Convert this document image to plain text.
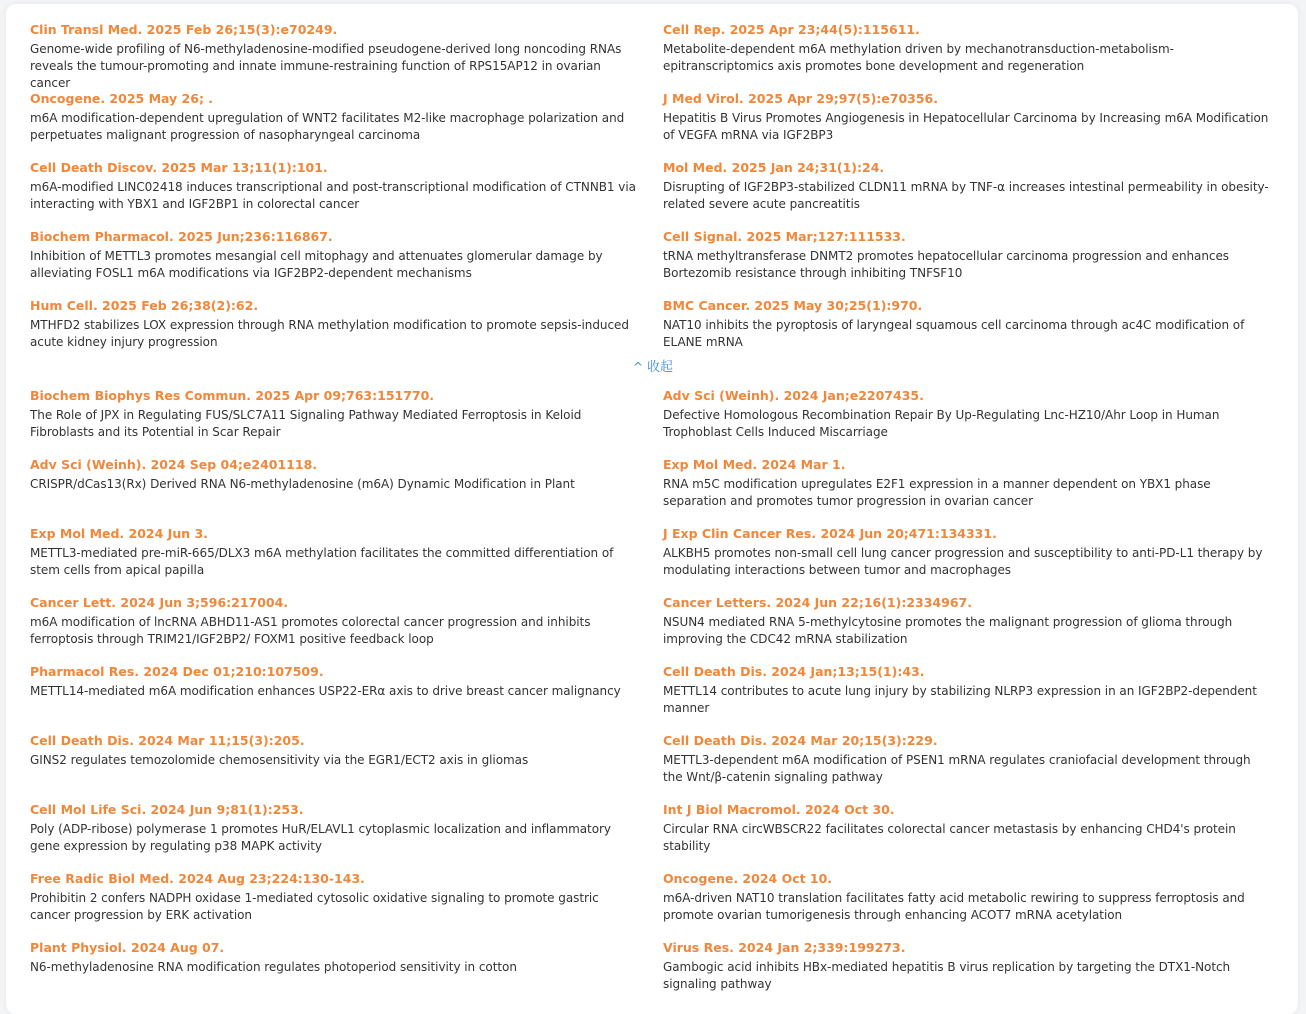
Clin Transl Med. 2025 Feb 26;15(3):e70249.
Genome-wide profiling of N6-methyladenosine-modified pseudogene-derived long noncoding RNAs reveals the tumour-promoting and innate immune-restraining function of RPS15AP12 in ovarian cancer
Cell Rep. 2025 Apr 23;44(5):115611.
Metabolite-dependent m6A methylation driven by mechanotransduction-metabolism-epitranscriptomics axis promotes bone development and regeneration
Oncogene. 2025 May 26; .
m6A modification-dependent upregulation of WNT2 facilitates M2-like macrophage polarization and perpetuates malignant progression of nasopharyngeal carcinoma
J Med Virol. 2025 Apr 29;97(5):e70356.
Hepatitis B Virus Promotes Angiogenesis in Hepatocellular Carcinoma by Increasing m6A Modification of VEGFA mRNA via IGF2BP3
Cell Death Discov. 2025 Mar 13;11(1):101.
m6A-modified LINC02418 induces transcriptional and post-transcriptional modification of CTNNB1 via interacting with YBX1 and IGF2BP1 in colorectal cancer
Mol Med. 2025 Jan 24;31(1):24.
Disrupting of IGF2BP3-stabilized CLDN11 mRNA by TNF-α increases intestinal permeability in obesity-related severe acute pancreatitis
Biochem Pharmacol. 2025 Jun;236:116867.
Inhibition of METTL3 promotes mesangial cell mitophagy and attenuates glomerular damage by alleviating FOSL1 m6A modifications via IGF2BP2-dependent mechanisms
Cell Signal. 2025 Mar;127:111533.
tRNA methyltransferase DNMT2 promotes hepatocellular carcinoma progression and enhances Bortezomib resistance through inhibiting TNFSF10
Hum Cell. 2025 Feb 26;38(2):62.
MTHFD2 stabilizes LOX expression through RNA methylation modification to promote sepsis-induced acute kidney injury progression
BMC Cancer. 2025 May 30;25(1):970.
NAT10 inhibits the pyroptosis of laryngeal squamous cell carcinoma through ac4C modification of ELANE mRNA
Biochem Biophys Res Commun. 2025 Apr 09;763:151770.
The Role of JPX in Regulating FUS/SLC7A11 Signaling Pathway Mediated Ferroptosis in Keloid Fibroblasts and its Potential in Scar Repair
Adv Sci (Weinh). 2024 Jan;e2207435.
Defective Homologous Recombination Repair By Up-Regulating Lnc-HZ10/Ahr Loop in Human Trophoblast Cells Induced Miscarriage
Adv Sci (Weinh). 2024 Sep 04;e2401118.
CRISPR/dCas13(Rx) Derived RNA N6-methyladenosine (m6A) Dynamic Modification in Plant
Exp Mol Med. 2024 Mar 1.
RNA m5C modification upregulates E2F1 expression in a manner dependent on YBX1 phase separation and promotes tumor progression in ovarian cancer
Exp Mol Med. 2024 Jun 3.
METTL3-mediated pre-miR-665/DLX3 m6A methylation facilitates the committed differentiation of stem cells from apical papilla
J Exp Clin Cancer Res. 2024 Jun 20;471:134331.
ALKBH5 promotes non-small cell lung cancer progression and susceptibility to anti-PD-L1 therapy by modulating interactions between tumor and macrophages
Cancer Lett. 2024 Jun 3;596:217004.
m6A modification of lncRNA ABHD11-AS1 promotes colorectal cancer progression and inhibits ferroptosis through TRIM21/IGF2BP2/ FOXM1 positive feedback loop
Cancer Letters. 2024 Jun 22;16(1):2334967.
NSUN4 mediated RNA 5-methylcytosine promotes the malignant progression of glioma through improving the CDC42 mRNA stabilization
Pharmacol Res. 2024 Dec 01;210:107509.
METTL14-mediated m6A modification enhances USP22-ERα axis to drive breast cancer malignancy
Cell Death Dis. 2024 Jan;13;15(1):43.
METTL14 contributes to acute lung injury by stabilizing NLRP3 expression in an IGF2BP2-dependent manner
Cell Death Dis. 2024 Mar 11;15(3):205.
GINS2 regulates temozolomide chemosensitivity via the EGR1/ECT2 axis in gliomas
Cell Death Dis. 2024 Mar 20;15(3):229.
METTL3-dependent m6A modification of PSEN1 mRNA regulates craniofacial development through the Wnt/β-catenin signaling pathway
Cell Mol Life Sci. 2024 Jun 9;81(1):253.
Poly (ADP-ribose) polymerase 1 promotes HuR/ELAVL1 cytoplasmic localization and inflammatory gene expression by regulating p38 MAPK activity
Int J Biol Macromol. 2024 Oct 30.
Circular RNA circWBSCR22 facilitates colorectal cancer metastasis by enhancing CHD4's protein stability
Free Radic Biol Med. 2024 Aug 23;224:130-143.
Prohibitin 2 confers NADPH oxidase 1-mediated cytosolic oxidative signaling to promote gastric cancer progression by ERK activation
Oncogene. 2024 Oct 10.
m6A-driven NAT10 translation facilitates fatty acid metabolic rewiring to suppress ferroptosis and promote ovarian tumorigenesis through enhancing ACOT7 mRNA acetylation
Plant Physiol. 2024 Aug 07.
N6-methyladenosine RNA modification regulates photoperiod sensitivity in cotton
Virus Res. 2024 Jan 2;339:199273.
Gambogic acid inhibits HBx-mediated hepatitis B virus replication by targeting the DTX1-Notch signaling pathway
^ 收起
